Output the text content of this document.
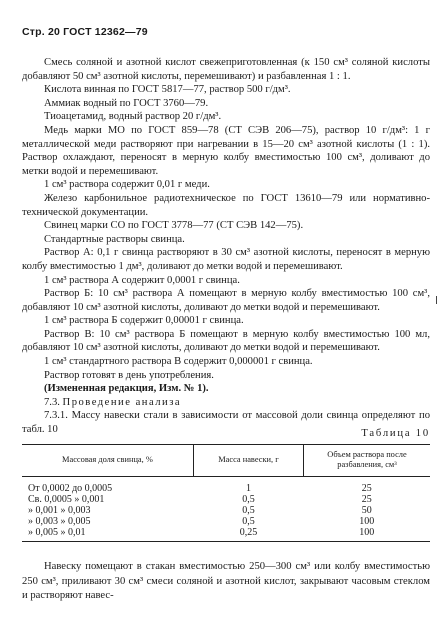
Стр. 20 ГОСТ 12362—79

Смесь соляной и азотной кислот свежеприготовленная (к 150 см³ соляной кислоты добавляют 50 см³ азотной кислоты, перемешивают) и разбавленная 1 : 1.

Кислота винная по ГОСТ 5817—77, раствор 500 г/дм³.

Аммиак водный по ГОСТ 3760—79.

Тиоацетамид, водный раствор 20 г/дм³.

Медь марки МО по ГОСТ 859—78 (СТ СЭВ 206—75), раствор 10 г/дм³: 1 г металлической меди растворяют при нагревании в 15—20 см³ азотной кислоты (1 : 1). Раствор охлаждают, переносят в мерную колбу вместимостью 100 см³, доливают до метки водой и перемешивают.

1 см³ раствора содержит 0,01 г меди.

Железо карбонильное радиотехническое по ГОСТ 13610—79 или нормативно-технической документации.

Свинец марки СО по ГОСТ 3778—77 (СТ СЭВ 142—75).

Стандартные растворы свинца.

Раствор А: 0,1 г свинца растворяют в 30 см³ азотной кислоты, переносят в мерную колбу вместимостью 1 дм³, доливают до метки водой и перемешивают.

1 см³ раствора А содержит 0,0001 г свинца.

Раствор Б: 10 см³ раствора А помещают в мерную колбу вместимостью 100 см³, добавляют 10 см³ азотной кислоты, доливают до метки водой и перемешивают.

1 см³ раствора Б содержит 0,00001 г свинца.

Раствор В: 10 см³ раствора Б помещают в мерную колбу вместимостью 100 мл, добавляют 10 см³ азотной кислоты, доливают до метки водой и перемешивают.

1 см³ стандартного раствора В содержит 0,000001 г свинца.

Раствор готовят в день употребления.

(Измененная редакция, Изм. № 1).

7.3. Проведение анализа

7.3.1. Массу навески стали в зависимости от массовой доли свинца определяют по табл. 10	Таблица 10
Массовая доля свинца, %	Масса навески, г	Объем раствора после разбавления, см³
От 0,0002 до 0,0005	1	25
Св. 0,0005 » 0,001	0,5	25
» 0,001 » 0,003	0,5	50
» 0,003 » 0,005	0,5	100
» 0,005 » 0,01	0,25	100

Навеску помещают в стакан вместимостью 250—300 см³ или колбу вместимостью 250 см³, приливают 30 см³ смеси соляной и азотной кислот, закрывают часовым стеклом и растворяют навес-
